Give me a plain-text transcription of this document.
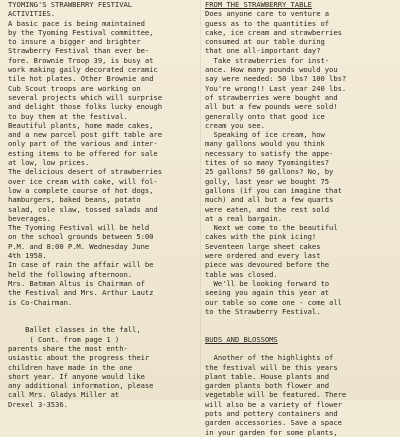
TYOMING'S STRAWBERRY FESTIVAL
ACTIVITIES.
A basic pace is being maintained
by the Tyoming Festival committee,
to insure a bigger and brighter
Strawberry Festival than ever be-
fore. Brownie Troop 39, is busy at
work making gaily decorated ceramic
tile hot plates. Other Brownie and
Cub Scout troops are working on
several projects which will surprise
and delight those folks lucky enough
to buy them at the festival.
Beautiful plants, home made cakes,
and a new parcel post gift table are
only part of the various and inter-
esting items to be offered for sale
at low, low prices.
The delicious desert of strawberries
over ice cream with cake, will fol-
low a complete course of hot dogs,
hamburgers, baked beans, potato
salad, cole slaw, tossed salads and
beverages.
The Tyoming Festival will be held
on the school grounds between 5:00
P.M. and 8:00 P.M. Wednesday June
4th 1958.
In case of rain the affair will be
held the following afternoon.
Mrs. Batman Altus is Chairman of
the Festival and Mrs. Arthur Lautz
is Co-Chairman.
Ballet classes in the fall,
( Cont. from page 1 )
parents share the most enth-
usiastic about the progress their
children have made in the one
short year. If anyone would like
any additional information, please
call Mrs. Gladys Miller at
Drexel 3-3536.
FROM THE STRAWBERRY TABLE
Does anyone care to venture a
guess as to the quantities of
cake, ice cream and strawberries
consumed at our table during
that one all-important day?
Take strawberries for inst-
ance. How many pounds would you
say were needed: 50 lbs? 100 lbs?
You're wrong!! Last year 240 lbs.
of strawberries were bought and
all but a few pounds were sold!
generally onto that good ice
cream you see.
Speaking of ice cream, how
many gallons would you think
necessary to satisfy the appe-
tites of so many Tyomingites?
25 gallons? 50 gallons? No, by
golly, last year we bought 75
gallons (if you can imagine that
much) and all but a few quarts
were eaten, and the rest sold
at a real bargain.
Next we come to the beautiful
cakes with the pink icing!
Seventeen large sheet cakes
were ordered and every last
piece was devoured before the
table was closed.
We'll be looking forward to
seeing you again this year at
our table so come one - come all
to the Strawberry Festival.
BUDS AND BLOSSOMS
Another of the highlights of
the festival will be this years
plant table. House plants and
garden plants both flower and
vegetable will be featured. There
will also be a variety of flower
pots and pottery containers and
garden accessories. Save a space
in your garden for some plants,
